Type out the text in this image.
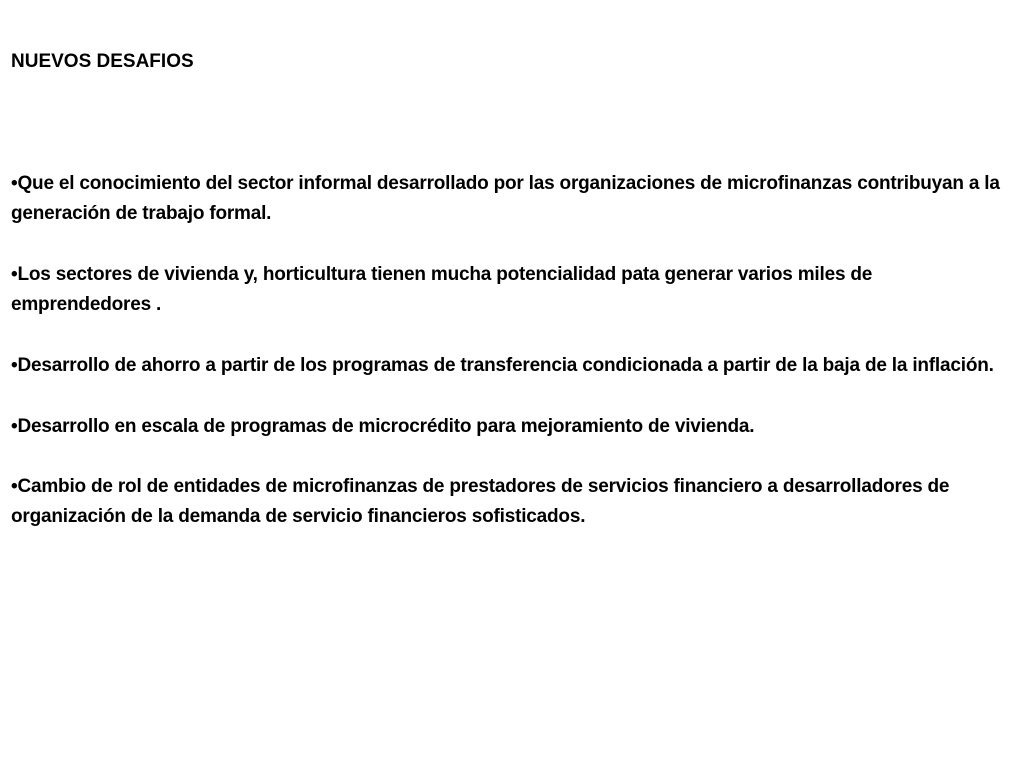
NUEVOS DESAFIOS
•Que el conocimiento del sector informal desarrollado por las organizaciones de microfinanzas contribuyan a la generación de trabajo formal.
•Los sectores de vivienda y, horticultura tienen mucha potencialidad pata generar varios miles de emprendedores .
•Desarrollo de ahorro a partir de los programas de transferencia condicionada a partir de la baja de la inflación.
•Desarrollo en escala de programas de microcrédito para mejoramiento de vivienda.
•Cambio de rol de entidades de microfinanzas de prestadores de servicios financiero a desarrolladores de organización de la demanda de servicio financieros sofisticados.
